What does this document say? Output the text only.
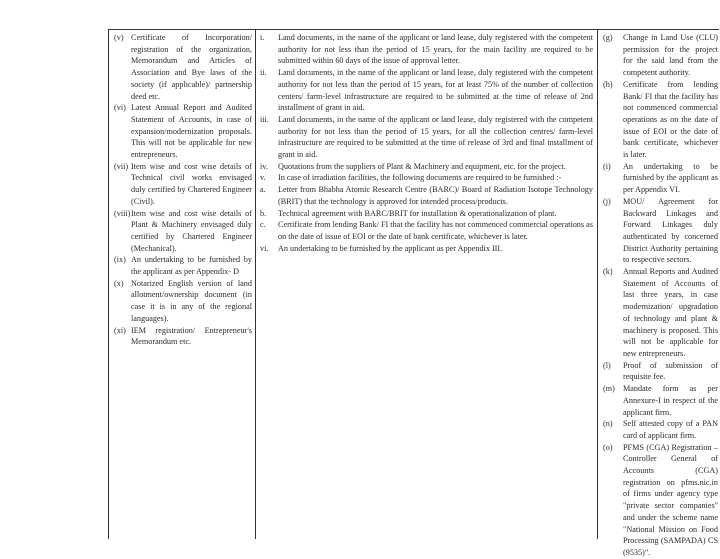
(v) Certificate of Incorporation/ registration of the organization, Memorandum and Articles of Association and Bye laws of the society (if applicable)/ partnership deed etc.
(vi) Latest Annual Report and Audited Statement of Accounts, in case of expansion/modernization proposals. This will not be applicable for new entrepreneurs.
(vii) Item wise and cost wise details of Technical civil works envisaged duly certified by Chartered Engineer (Civil).
(viii) Item wise and cost wise details of Plant & Machinery envisaged duly certified by Chartered Engineer (Mechanical).
(ix) An undertaking to be furnished by the applicant as per Appendix- D
(x) Notarized English version of land allotment/ownership document (in case it is in any of the regional languages).
(xi) IEM registration/ Entrepreneur's Memorandum etc.
i.	Land documents, in the name of the applicant or land lease, duly registered with the competent authority for not less than the period of 15 years, for the main facility are required to be submitted within 60 days of the issue of approval letter.
ii.	Land documents, in the name of the applicant or land lease, duly registered with the competent authority for not less than the period of 15 years, for at least 75% of the number of collection centers/ farm-level infrastructure are required to be submitted at the time of release of 2nd installment of grant in aid.
iii.	Land documents, in the name of the applicant or land lease, duly registered with the competent authority for not less than the period of 15 years, for all the collection centres/ farm-level infrastructure are required to be submitted at the time of release of 3rd and final installment of grant in aid.
iv.	Quotations from the suppliers of Plant & Machinery and equipment, etc. for the project.
v.	In case of irradiation facilities, the following documents are required to be furnished :-
a.	Letter from Bhabha Atomic Research Centre (BARC)/ Board of Radiation Isotope Technology (BRIT) that the technology is approved for intended process/products.
b.	Technical agreement with BARC/BRIT for installation & operationalization of plant.
c.	Certificate from lending Bank/ FI that the facility has not commenced commercial operations as on the date of issue of EOI or the date of bank certificate, whichever is later.
vi.	An undertaking to be furnished by the applicant as per Appendix III.
(g)	Change in Land Use (CLU) permission for the project for the said land from the competent authority.
(h)	Certificate from lending Bank/ FI that the facility has not commenced commercial operations as on the date of issue of EOI or the date of bank certificate, whichever is later.
(i)	An undertaking to be furnished by the applicant as per Appendix VI.
(j)	MOU/ Agreement for Backward Linkages and Forward Linkages duly authenticated by concerned District Authority pertaining to respective sectors.
(k)	Annual Reports and Audited Statement of Accounts of last three years, in case modernization/ upgradation of technology and plant & machinery is proposed. This will not be applicable for new entrepreneurs.
(l)	Proof of submission of requisite fee.
(m) Mandate form as per Annexure-I in respect of the applicant firm.
(n)	Self attested copy of a PAN card of applicant firm.
(o)	PFMS (CGA) Registration – Controller General of Accounts (CGA) registration on pfms.nic.in of firms under agency type "private sector companies" and under the scheme name "National Mission on Food Processing (SAMPADA) CS (9535)".
